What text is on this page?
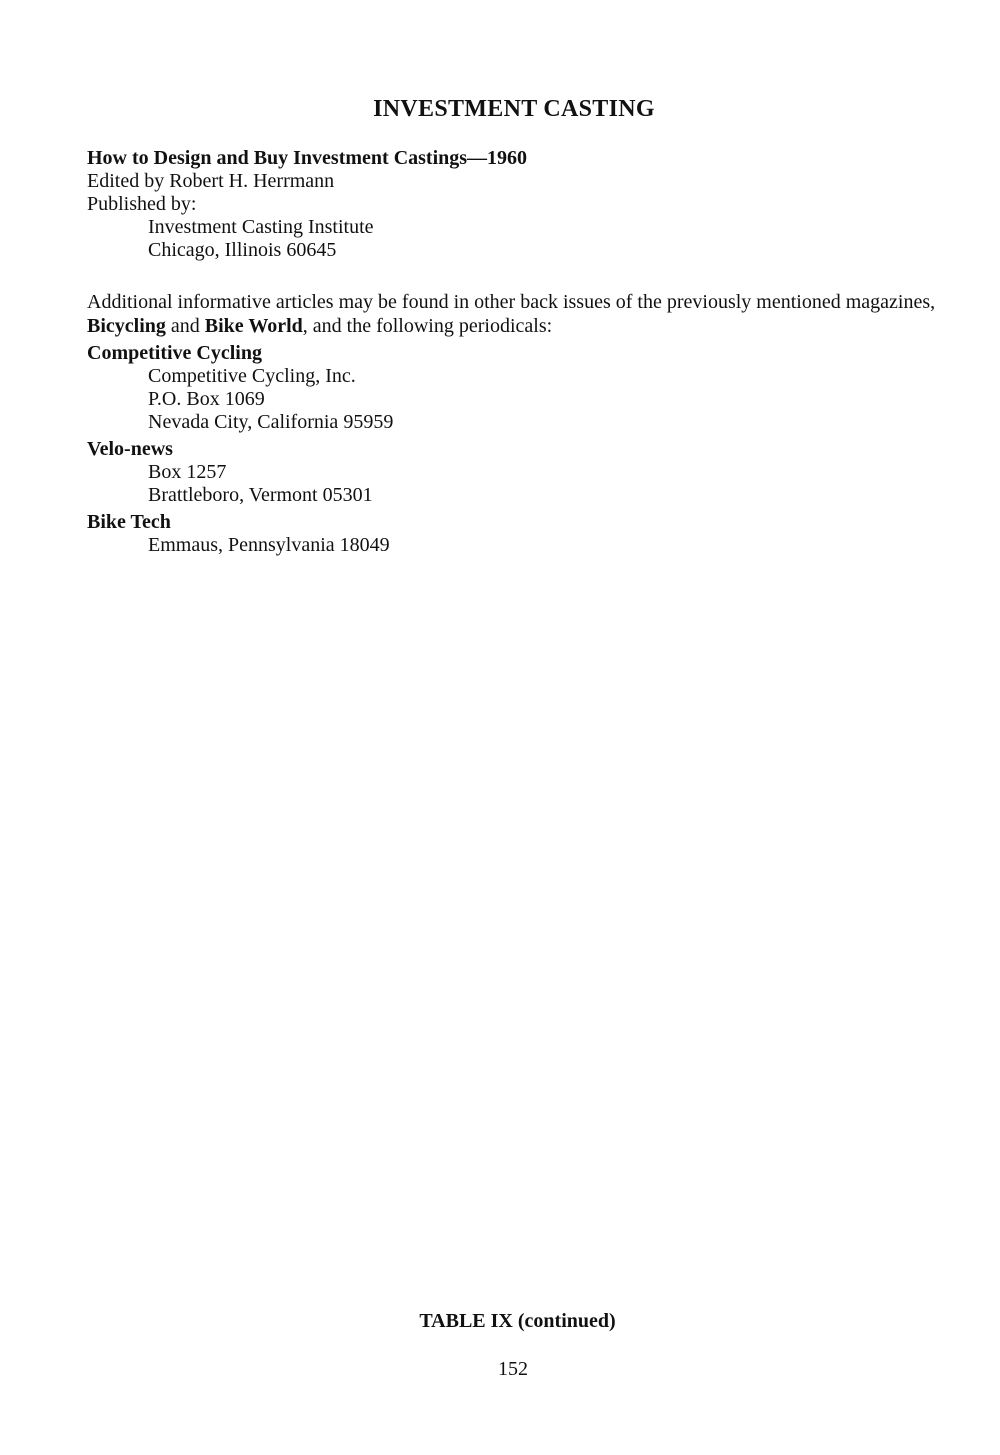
INVESTMENT CASTING
How to Design and Buy Investment Castings—1960
Edited by Robert H. Herrmann
Published by:
Investment Casting Institute
Chicago, Illinois 60645

Additional informative articles may be found in other back issues of the previously mentioned magazines, Bicycling and Bike World, and the following periodicals:

Competitive Cycling
Competitive Cycling, Inc.
P.O. Box 1069
Nevada City, California 95959
Velo-news
Box 1257
Brattleboro, Vermont 05301
Bike Tech
Emmaus, Pennsylvania 18049
TABLE IX (continued)
152
